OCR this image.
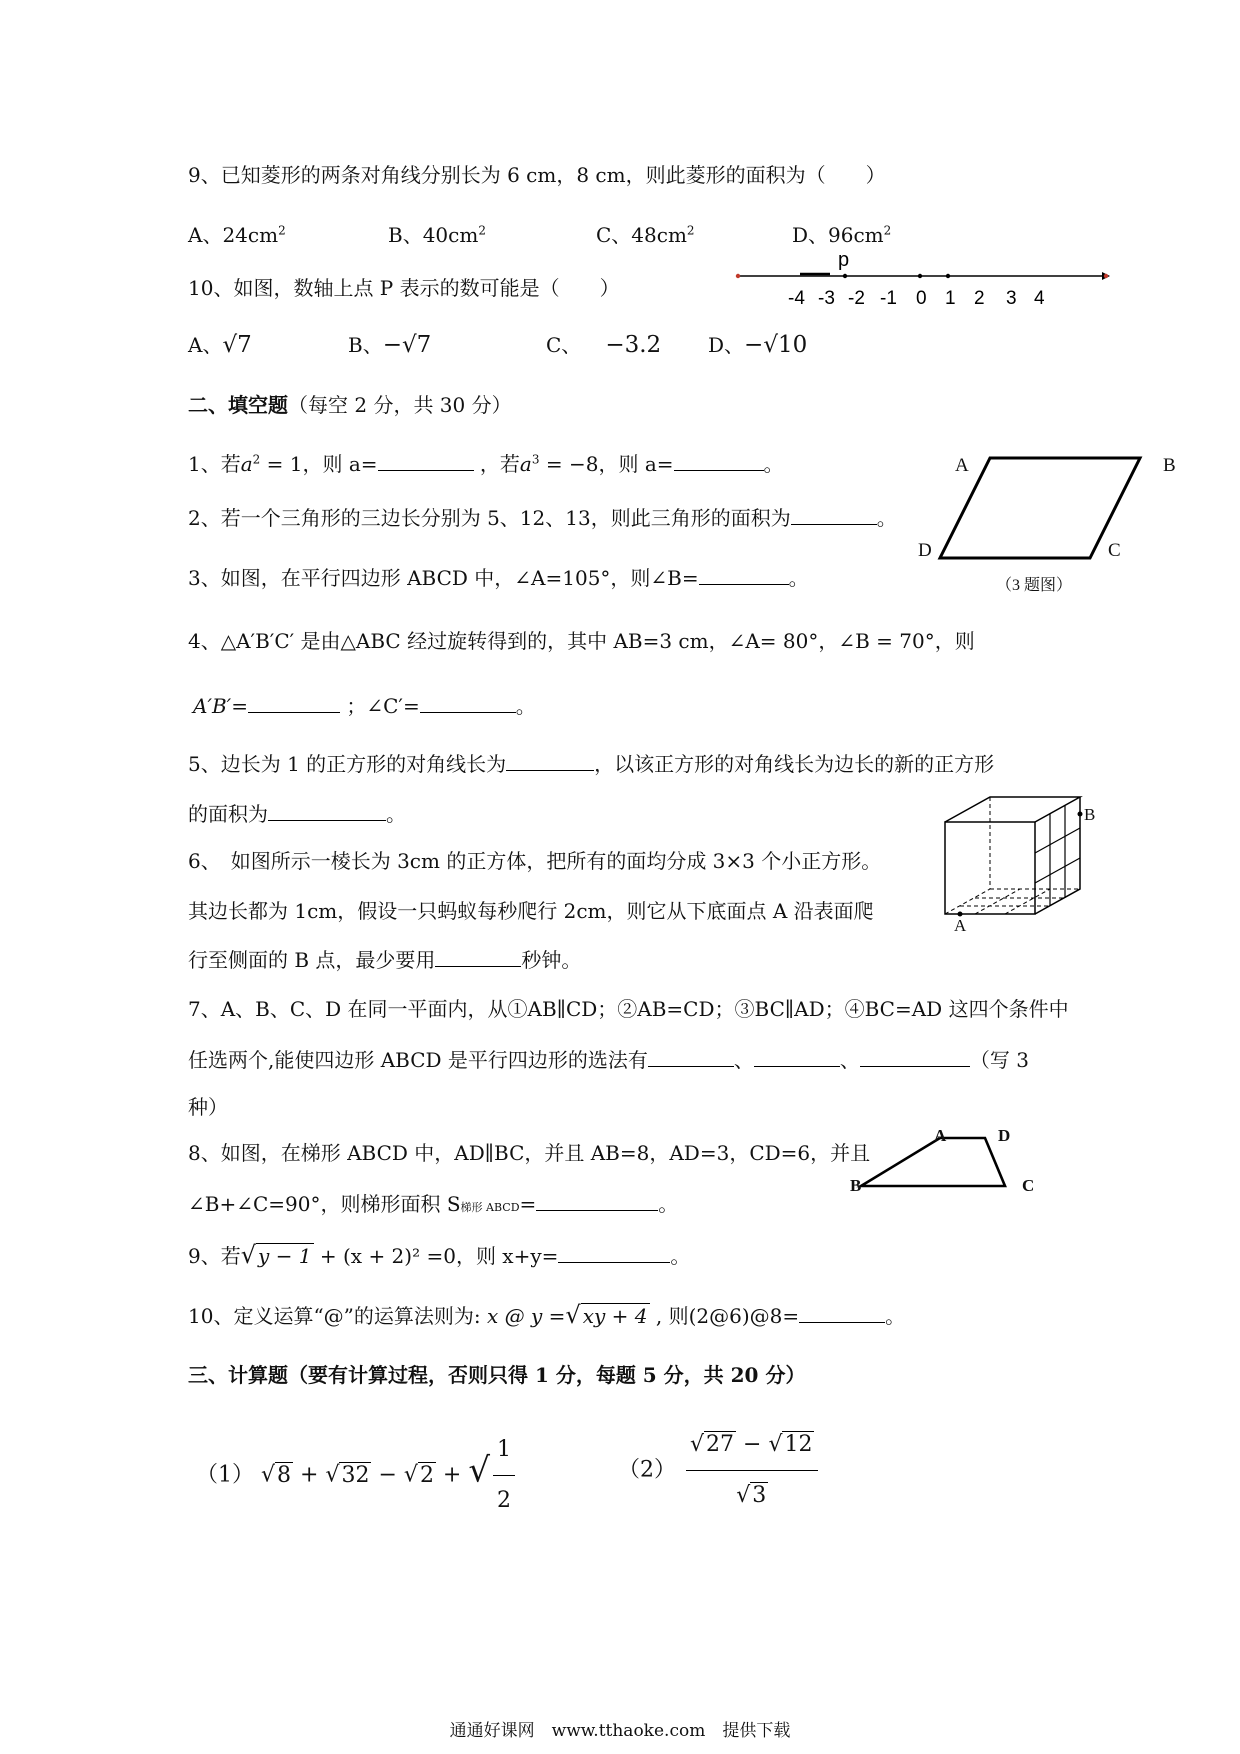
9、已知菱形的两条对角线分别长为 6 cm，8 cm，则此菱形的面积为（　　）
A、$24cm^2$	B、$40cm^2$	C、$48cm^2$	D、$96cm^2$
10、如图，数轴上点 P 表示的数可能是（　　）
p
-4 -3 -2 -1 0 1 2 3 4
A、√7	B、−√7	C、 −3.2 D、−√10
二、填空题（每空 2 分，共 30 分）
1、若$a^2 = 1$，则 a=	，若$a^3 = -8$，则 a=	。	A	B
C
D
（3 题图）
2、若一个三角形的三边长分别为 5、12、13，则此三角形的面积为	。
3、如图，在平行四边形 ABCD 中，∠A=105°，则∠B=	。
4、△A′B′C′ 是由△ABC 经过旋转得到的，其中 AB=3 cm，∠A= 80°，∠B = 70°，则
A′B′=	；∠C′=	。
5、边长为 1 的正方形的对角线长为	，以该正方形的对角线长为边长的新的正方形
的面积为	。	B
A
6、　如图所示一棱长为 3cm 的正方体，把所有的面均分成 3×3 个小正方形。
其边长都为 1cm，假设一只蚂蚁每秒爬行 2cm，则它从下底面点 A 沿表面爬
行至侧面的 B 点，最少要用	秒钟。
7、A、B、C、D 在同一平面内，从①AB∥CD；②AB=CD；③BC∥AD；④BC=AD 这四个条件中
任选两个,能使四边形 ABCD 是平行四边形的选法有	、	、	（写 3
种）
A	D
B	C
8、如图，在梯形 ABCD 中，AD∥BC，并且 AB=8，AD=3，CD=6，并且
∠B+∠C=90°，则梯形面积 S梯形 ABCD=	。
9、若√ y − 1 + (x + 2)² =0，则 x+y=	。
10、定义运算“@”的运算法则为: x @ y =√ xy + 4 , 则(2@6)@8=	。
三、计算题（要有计算过程，否则只得 1 分，每题 5 分，共 20 分）
（1） √8 + √32 − √2 + √ $\frac{1}{2}$	$(2) \frac{√27 - √12}{√3}$
通通好课网　www.tthaoke.com　提供下载
